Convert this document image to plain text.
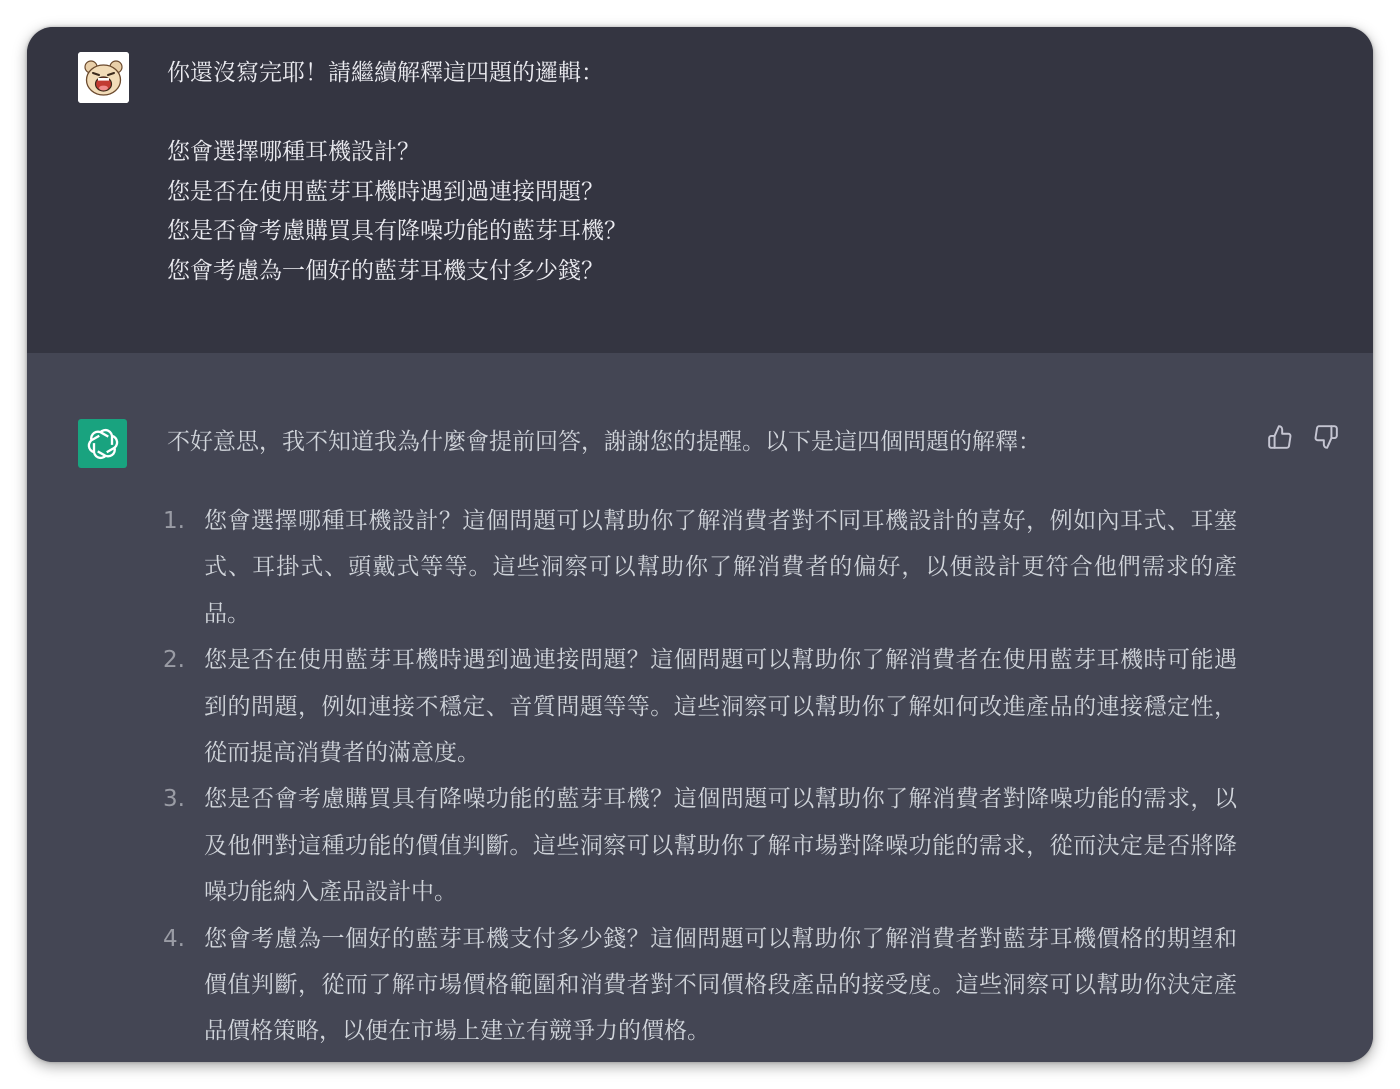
你還沒寫完耶！請繼續解釋這四題的邏輯：
您會選擇哪種耳機設計？
您是否在使用藍芽耳機時遇到過連接問題？
您是否會考慮購買具有降噪功能的藍芽耳機？
您會考慮為一個好的藍芽耳機支付多少錢？
不好意思，我不知道我為什麼會提前回答，謝謝您的提醒。以下是這四個問題的解釋：
1. 您會選擇哪種耳機設計？這個問題可以幫助你了解消費者對不同耳機設計的喜好，例如內耳式、耳塞式、耳掛式、頭戴式等等。這些洞察可以幫助你了解消費者的偏好，以便設計更符合他們需求的產品。
2. 您是否在使用藍芽耳機時遇到過連接問題？這個問題可以幫助你了解消費者在使用藍芽耳機時可能遇到的問題，例如連接不穩定、音質問題等等。這些洞察可以幫助你了解如何改進產品的連接穩定性，從而提高消費者的滿意度。
3. 您是否會考慮購買具有降噪功能的藍芽耳機？這個問題可以幫助你了解消費者對降噪功能的需求，以及他們對這種功能的價值判斷。這些洞察可以幫助你了解市場對降噪功能的需求，從而決定是否將降噪功能納入產品設計中。
4. 您會考慮為一個好的藍芽耳機支付多少錢？這個問題可以幫助你了解消費者對藍芽耳機價格的期望和價值判斷，從而了解市場價格範圍和消費者對不同價格段產品的接受度。這些洞察可以幫助你決定產品價格策略，以便在市場上建立有競爭力的價格。
